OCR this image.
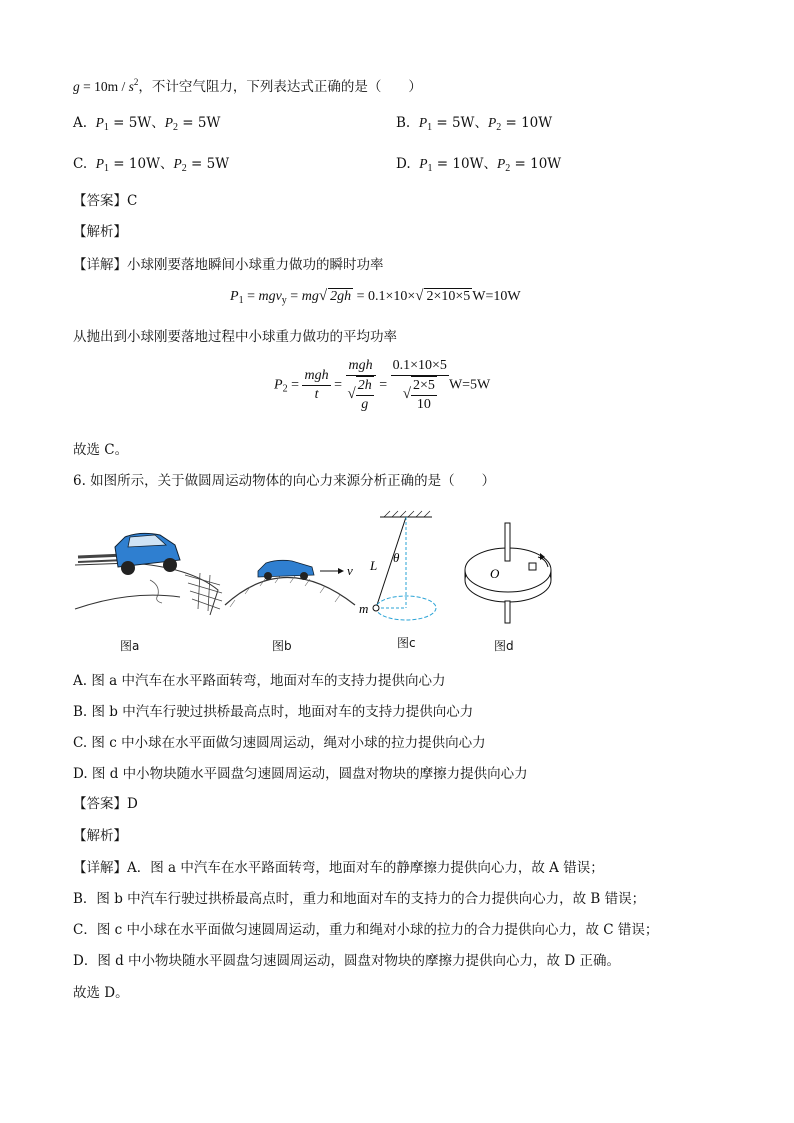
$g = 10m / s^2$，不计空气阻力，下列表达式正确的是（　　）
A. $P_1 = 5W$、$P_2 = 5W$	B. $P_1 = 5W$、$P_2 = 10W$
C. $P_1 = 10W$、$P_2 = 5W$	D. $P_1 = 10W$、$P_2 = 10W$
【答案】C
【解析】
【详解】小球刚要落地瞬间小球重力做功的瞬时功率
$P_1 = mgv_y = mg√$ 2gh = 0.1×10×√ 2×10×5 W=10W
从抛出到小球刚要落地过程中小球重力做功的平均功率
$P_2 = \frac{\text{mgh}}{t} = \frac{\text{mgh}}{√ \frac{2h}{g}} = \frac{0.1\times 10\times 5}{√ \frac{2\times 5}{10}} W=5W$
故选 C。
6. 如图所示，关于做圆周运动物体的向心力来源分析正确的是（　　）
v L
θ
m
O
图a	图b	图c	图d
A. 图 a 中汽车在水平路面转弯，地面对车的支持力提供向心力
B. 图 b 中汽车行驶过拱桥最高点时，地面对车的支持力提供向心力
C. 图 c 中小球在水平面做匀速圆周运动，绳对小球的拉力提供向心力
D. 图 d 中小物块随水平圆盘匀速圆周运动，圆盘对物块的摩擦力提供向心力
【答案】D
【解析】
【详解】A．图 a 中汽车在水平路面转弯，地面对车的静摩擦力提供向心力，故 A 错误；
B．图 b 中汽车行驶过拱桥最高点时，重力和地面对车的支持力的合力提供向心力，故 B 错误；
C．图 c 中小球在水平面做匀速圆周运动，重力和绳对小球的拉力的合力提供向心力，故 C 错误；
D．图 d 中小物块随水平圆盘匀速圆周运动，圆盘对物块的摩擦力提供向心力，故 D 正确。
故选 D。
